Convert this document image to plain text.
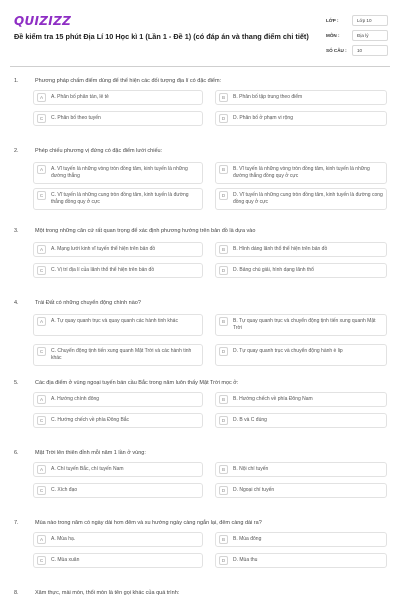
QUIZIZZ
Đề kiểm tra 15 phút Địa Lí 10 Học kì 1 (Lần 1 - Đề 1) (có đáp án và thang điểm chi tiết)
LỚP :	Lớp 10
MÔN :	Địa lý
SỐ CÂU :	10
1.	Phương pháp chấm điểm dùng để thể hiện các đối tượng địa lí có đặc điểm:
A	A. Phân bố phân tán, lẻ tẻ	B	B. Phân bố tập trung theo điểm
C	C. Phân bố theo tuyến	D	D. Phân bố ở phạm vi rộng
2.	Phép chiếu phương vị đứng có đặc điểm lưới chiếu:
A	A. Vĩ tuyến là những vòng tròn đồng tâm, kinh tuyến là những đường thẳng
B	B. Vĩ tuyến là những vòng tròn đồng tâm, kinh tuyến là những đường thẳng đồng quy ở cực
C	C. Vĩ tuyến là những cung tròn đồng tâm, kinh tuyến là đường thẳng đồng quy ở cực
D	D. Vĩ tuyến là những cung tròn đồng tâm, kinh tuyến là đường cong đồng quy ở cực
3.	Một trong những căn cứ rất quan trọng để xác định phương hướng trên bản đồ là dựa vào
A	A. Mạng lưới kinh vĩ tuyến thể hiện trên bản đồ	B	B. Hình dáng lãnh thổ thể hiện trên bản đồ
C	C. Vị trí địa lí của lãnh thổ thể hiện trên bản đồ	D	D. Bảng chú giải, hình dạng lãnh thổ
4.	Trái Đất có những chuyển động chính nào?
A	A. Tự quay quanh trục và quay quanh các hành tinh khác	B	B. Tự quay quanh trục và chuyển động tịnh tiến xung quanh Mặt Trời
C	C. Chuyển động tịnh tiến xung quanh Mặt Trời và các hành tinh khác
D	D. Tự quay quanh trục và chuyển động hành è lip
5.	Các địa điểm ở vùng ngoại tuyến bán cầu Bắc trong năm luôn thấy Mặt Trời mọc ở:
A	A. Hướng chính đông	B	B. Hướng chếch về phía Đông Nam
C	C. Hướng chếch về phía Đông Bắc	D	D. B và C đúng
6.	Mặt Trời lên thiên đỉnh mỗi năm 1 lần ở vùng:
A	A. Chí tuyến Bắc, chí tuyến Nam	B	B. Nội chí tuyến
C	C. Xích đạo	D	D. Ngoại chí tuyến
7.	Mùa nào trong năm có ngày dài hơn đêm và xu hướng ngày càng ngắn lại, đêm càng dài ra?
A	A. Mùa hạ.	B	B. Mùa đông
C	C. Mùa xuân	D	D. Mùa thu
8.	Xâm thực, mài mòn, thổi mòn là tên gọi khác của quá trình:
